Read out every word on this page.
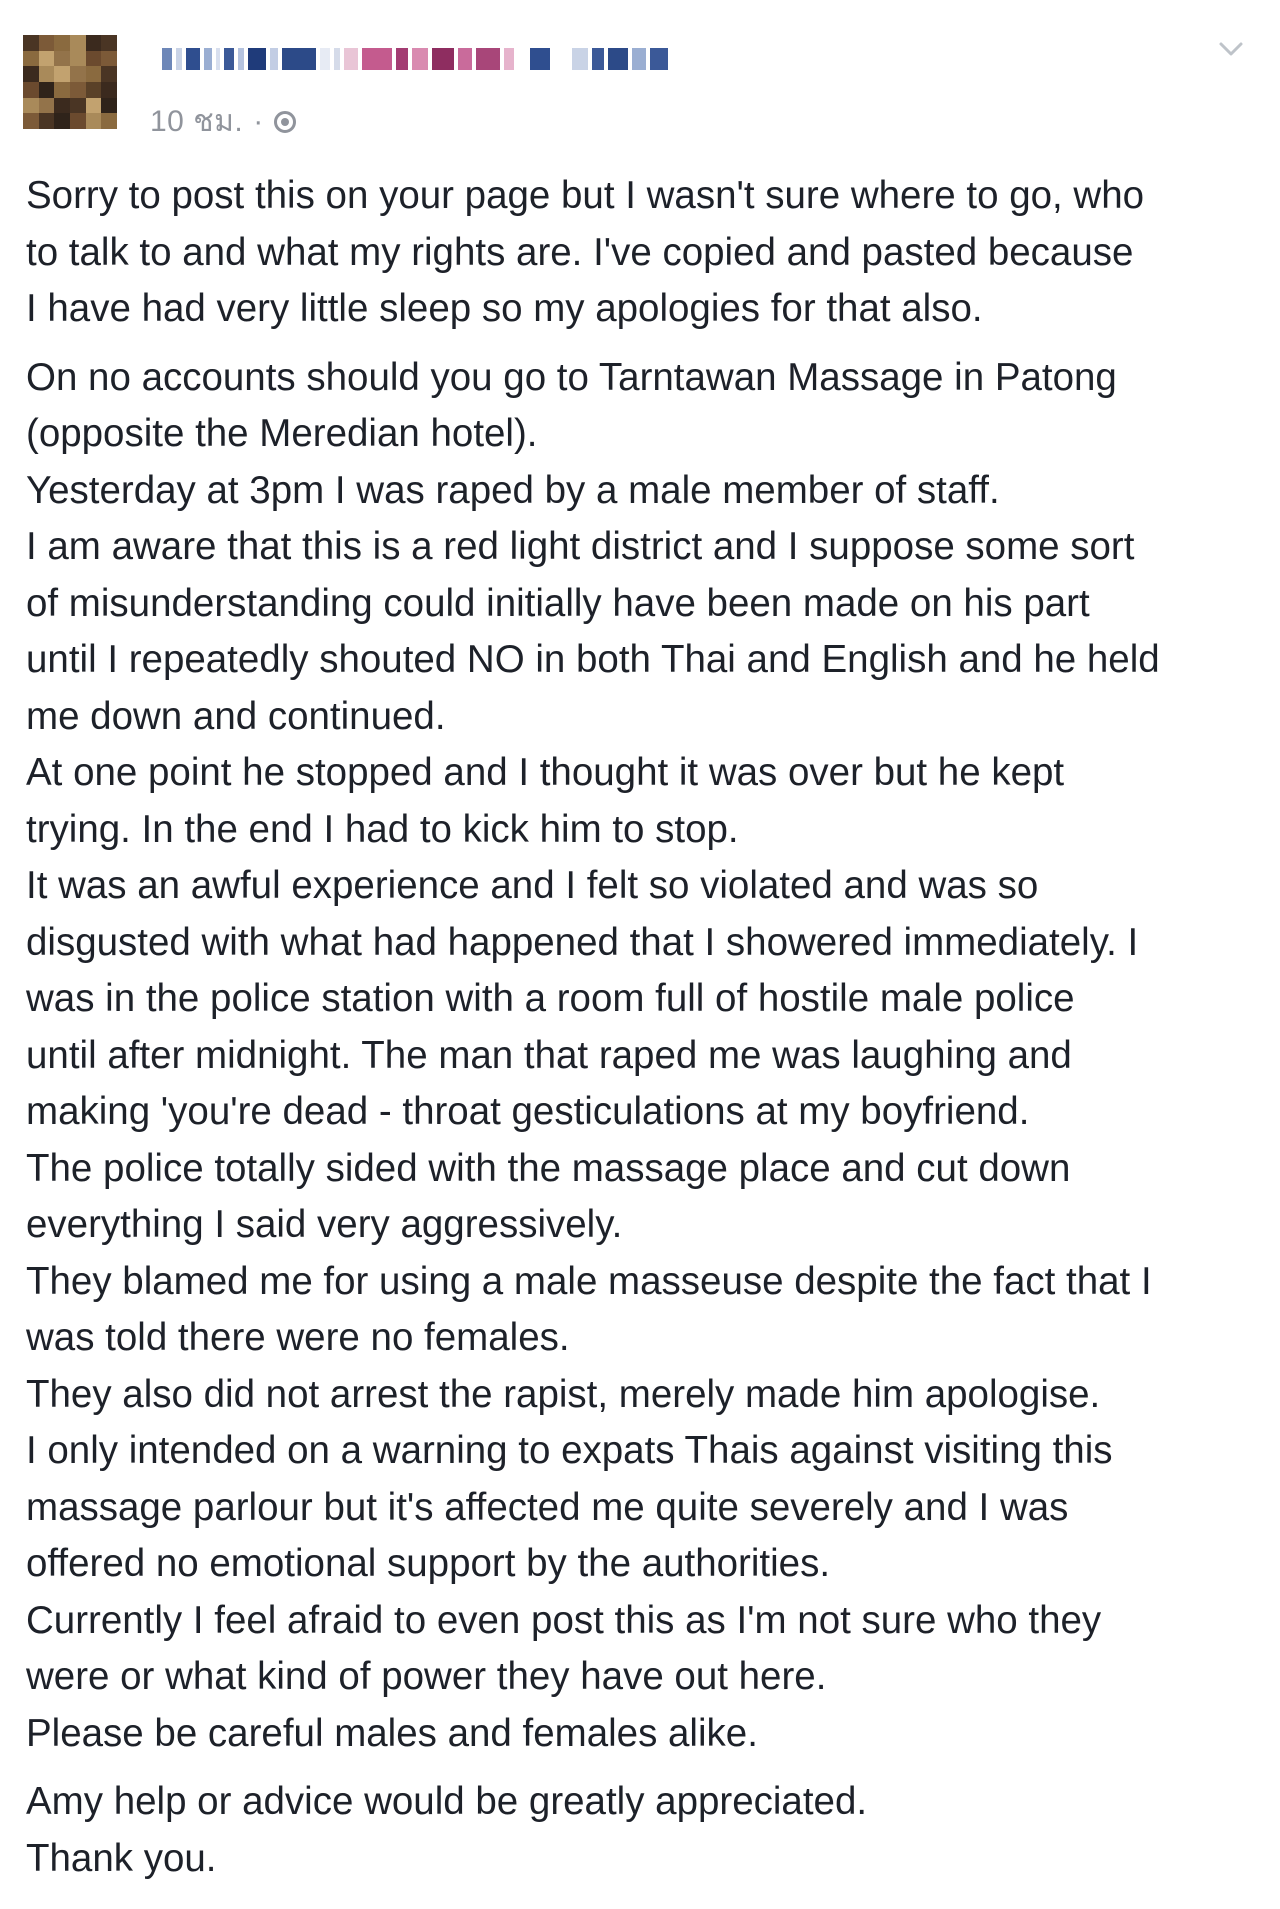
10 ชม. ·

Sorry to post this on your page but I wasn't sure where to go, who
to talk to and what my rights are. I've copied and pasted because
I have had very little sleep so my apologies for that also.

On no accounts should you go to Tarntawan Massage in Patong
(opposite the Meredian hotel).
Yesterday at 3pm I was raped by a male member of staff.
I am aware that this is a red light district and I suppose some sort
of misunderstanding could initially have been made on his part
until I repeatedly shouted NO in both Thai and English and he held
me down and continued.
At one point he stopped and I thought it was over but he kept
trying. In the end I had to kick him to stop.
It was an awful experience and I felt so violated and was so
disgusted with what had happened that I showered immediately. I
was in the police station with a room full of hostile male police
until after midnight. The man that raped me was laughing and
making 'you're dead - throat gesticulations at my boyfriend.
The police totally sided with the massage place and cut down
everything I said very aggressively.
They blamed me for using a male masseuse despite the fact that I
was told there were no females.
They also did not arrest the rapist, merely made him apologise.
I only intended on a warning to expats Thais against visiting this
massage parlour but it's affected me quite severely and I was
offered no emotional support by the authorities.
Currently I feel afraid to even post this as I'm not sure who they
were or what kind of power they have out here.
Please be careful males and females alike.

Amy help or advice would be greatly appreciated.
Thank you.
